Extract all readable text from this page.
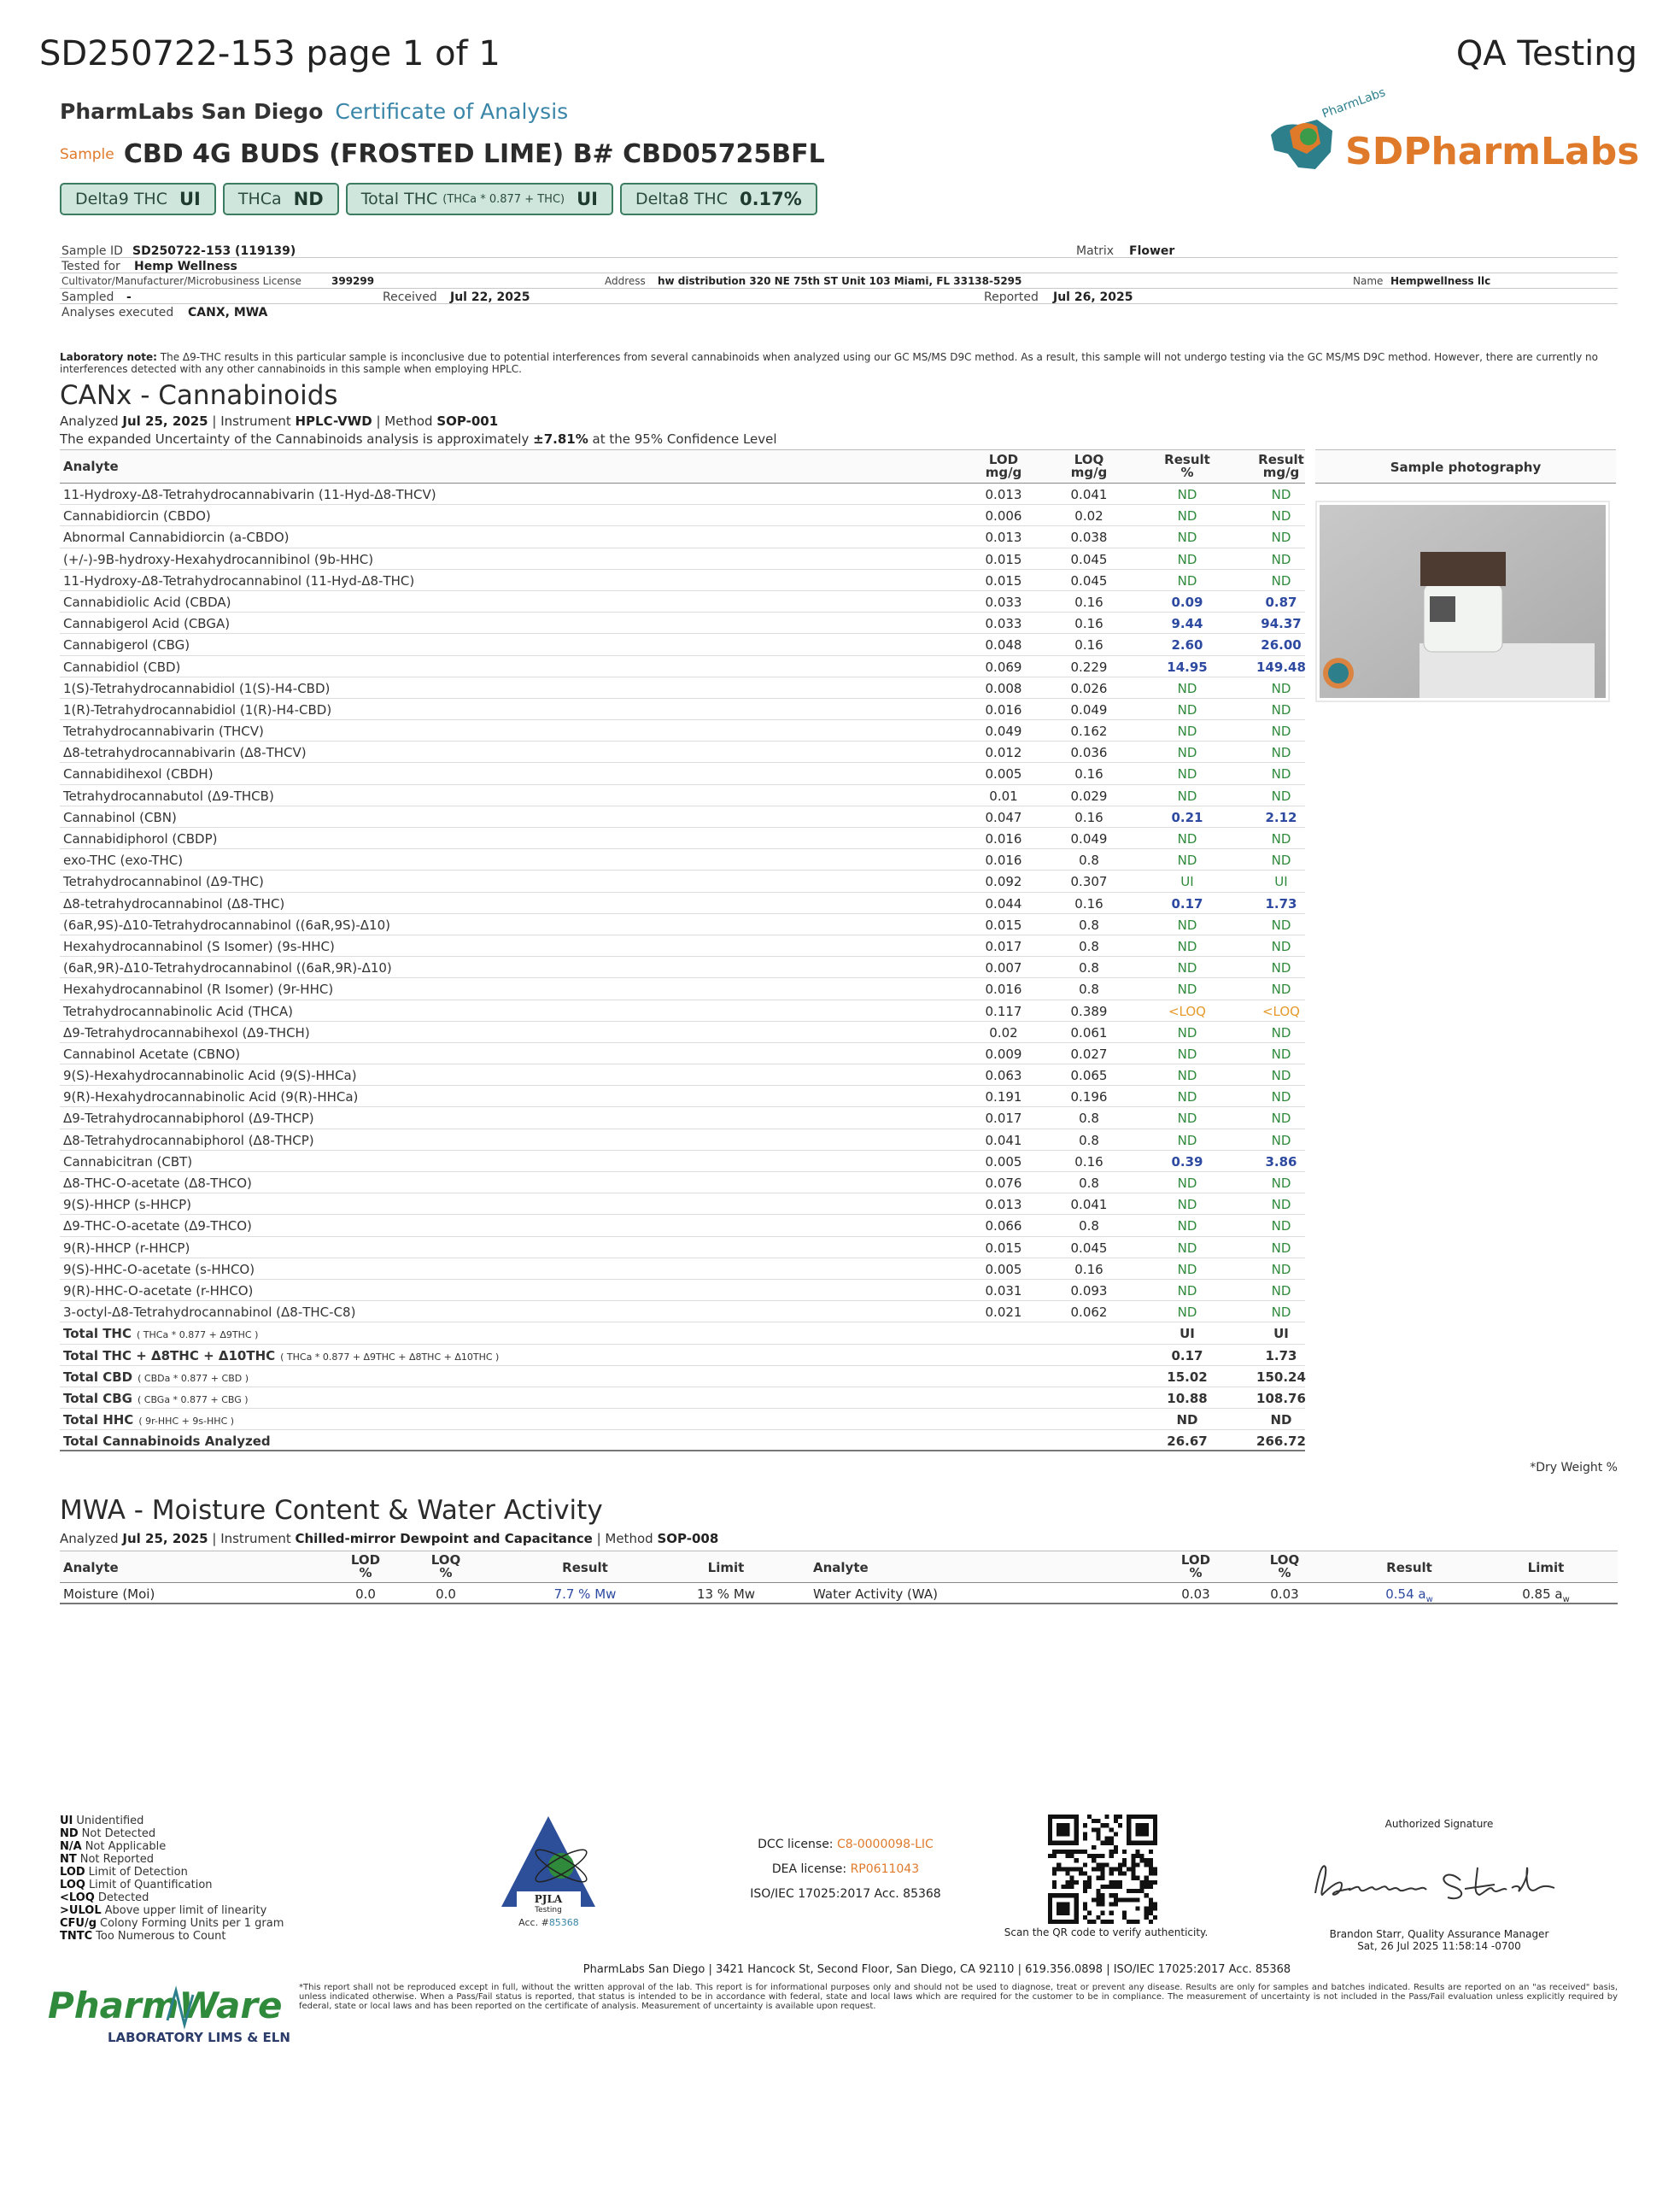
SD250722-153 page 1 of 1	QA Testing
PharmLabs San Diego Certificate of Analysis
Sample CBD 4G BUDS (FROSTED LIME) B# CBD05725BFL
Delta9 THC UI THCa ND Total THC (THCa * 0.877 + THC) UI Delta8 THC 0.17%
PharmLabs
SDPharmLabs
Sample ID SD250722-153 (119139)	Matrix Flower
Tested for Hemp Wellness
Cultivator/Manufacturer/Microbusiness License	399299	Address hw distribution 320 NE 75th ST Unit 103 Miami, FL 33138-5295	Name Hempwellness llc
Sampled -	Received Jul 22, 2025	Reported Jul 26, 2025
Analyses executed CANX, MWA
Laboratory note: The Δ9-THC results in this particular sample is inconclusive due to potential interferences from several cannabinoids when analyzed using our GC MS/MS D9C method. As a result, this sample will not undergo testing via the GC MS/MS D9C method. However, there are currently no interferences detected with any other cannabinoids in this sample when employing HPLC.
CANx - Cannabinoids
Analyzed Jul 25, 2025 | Instrument HPLC-VWD | Method SOP-001
The expanded Uncertainty of the Cannabinoids analysis is approximately ±7.81% at the 95% Confidence Level
Analyte	LOD
mg/g
LOQ
mg/g
Result
%
Result
mg/g
11-Hydroxy-Δ8-Tetrahydrocannabivarin (11-Hyd-Δ8-THCV)	0.013	0.041	ND	ND
Cannabidiorcin (CBDO)	0.006	0.02	ND	ND
Abnormal Cannabidiorcin (a-CBDO)	0.013	0.038	ND	ND
(+/-)-9B-hydroxy-Hexahydrocannibinol (9b-HHC)	0.015	0.045	ND	ND
11-Hydroxy-Δ8-Tetrahydrocannabinol (11-Hyd-Δ8-THC)	0.015	0.045	ND	ND
Cannabidiolic Acid (CBDA)	0.033	0.16	0.09	0.87
Cannabigerol Acid (CBGA)	0.033	0.16	9.44	94.37
Cannabigerol (CBG)	0.048	0.16	2.60	26.00
Cannabidiol (CBD)	0.069	0.229	14.95	149.48
1(S)-Tetrahydrocannabidiol (1(S)-H4-CBD)	0.008	0.026	ND	ND
1(R)-Tetrahydrocannabidiol (1(R)-H4-CBD)	0.016	0.049	ND	ND
Tetrahydrocannabivarin (THCV)	0.049	0.162	ND	ND
Δ8-tetrahydrocannabivarin (Δ8-THCV)	0.012	0.036	ND	ND
Cannabidihexol (CBDH)	0.005	0.16	ND	ND
Tetrahydrocannabutol (Δ9-THCB)	0.01	0.029	ND	ND
Cannabinol (CBN)	0.047	0.16	0.21	2.12
Cannabidiphorol (CBDP)	0.016	0.049	ND	ND
exo-THC (exo-THC)	0.016	0.8	ND	ND
Tetrahydrocannabinol (Δ9-THC)	0.092	0.307	UI	UI
Δ8-tetrahydrocannabinol (Δ8-THC)	0.044	0.16	0.17	1.73
(6aR,9S)-Δ10-Tetrahydrocannabinol ((6aR,9S)-Δ10)	0.015	0.8	ND	ND
Hexahydrocannabinol (S Isomer) (9s-HHC)	0.017	0.8	ND	ND
(6aR,9R)-Δ10-Tetrahydrocannabinol ((6aR,9R)-Δ10)	0.007	0.8	ND	ND
Hexahydrocannabinol (R Isomer) (9r-HHC)	0.016	0.8	ND	ND
Tetrahydrocannabinolic Acid (THCA)	0.117	0.389	<LOQ	<LOQ
Δ9-Tetrahydrocannabihexol (Δ9-THCH)	0.02	0.061	ND	ND
Cannabinol Acetate (CBNO)	0.009	0.027	ND	ND
9(S)-Hexahydrocannabinolic Acid (9(S)-HHCa)	0.063	0.065	ND	ND
9(R)-Hexahydrocannabinolic Acid (9(R)-HHCa)	0.191	0.196	ND	ND
Δ9-Tetrahydrocannabiphorol (Δ9-THCP)	0.017	0.8	ND	ND
Δ8-Tetrahydrocannabiphorol (Δ8-THCP)	0.041	0.8	ND	ND
Cannabicitran (CBT)	0.005	0.16	0.39	3.86
Δ8-THC-O-acetate (Δ8-THCO)	0.076	0.8	ND	ND
9(S)-HHCP (s-HHCP)	0.013	0.041	ND	ND
Δ9-THC-O-acetate (Δ9-THCO)	0.066	0.8	ND	ND
9(R)-HHCP (r-HHCP)	0.015	0.045	ND	ND
9(S)-HHC-O-acetate (s-HHCO)	0.005	0.16	ND	ND
9(R)-HHC-O-acetate (r-HHCO)	0.031	0.093	ND	ND
3-octyl-Δ8-Tetrahydrocannabinol (Δ8-THC-C8)	0.021	0.062	ND	ND
Total THC ( THCa * 0.877 + Δ9THC )	UI	UI
Total THC + Δ8THC + Δ10THC ( THCa * 0.877 + Δ9THC + Δ8THC + Δ10THC )	0.17	1.73
Total CBD ( CBDa * 0.877 + CBD )	15.02	150.24
Total CBG ( CBGa * 0.877 + CBG )	10.88	108.76
Total HHC ( 9r-HHC + 9s-HHC )	ND	ND
Total Cannabinoids Analyzed	26.67	266.72
Sample photography
*Dry Weight %
MWA - Moisture Content & Water Activity
Analyzed Jul 25, 2025 | Instrument Chilled-mirror Dewpoint and Capacitance | Method SOP-008
Analyte	LOD
%
LOQ
%	Result	Limit	Analyte	LOD
%
LOQ
%	Result	Limit
Moisture (Moi)	0.0	0.0	7.7 % Mw	13 % Mw	Water Activity (WA)	0.03	0.03	0.54 $a_w$	0.85 $a_w$
UI Unidentified
ND Not Detected
N/A Not Applicable
NT Not Reported
LOD Limit of Detection
LOQ Limit of Quantification
<LOQ Detected
>ULOL Above upper limit of linearity
CFU/g Colony Forming Units per 1 gram
TNTC Too Numerous to Count
PJLA
Testing
Acc. #85368
DCC license: C8-0000098-LIC
DEA license: RP0611043
ISO/IEC 17025:2017 Acc. 85368
Scan the QR code to verify authenticity.
Authorized Signature
Brandon Starr, Quality Assurance Manager
Sat, 26 Jul 2025 11:58:14 -0700
PharmLabs San Diego | 3421 Hancock St, Second Floor, San Diego, CA 92110 | 619.356.0898 | ISO/IEC 17025:2017 Acc. 85368
*This report shall not be reproduced except in full, without the written approval of the lab. This report is for informational purposes only and should not be used to diagnose, treat or prevent any disease. Results are only for samples and batches indicated. Results are reported on an "as received" basis, unless indicated otherwise. When a Pass/Fail status is reported, that status is intended to be in accordance with federal, state and local laws which are required for the customer to be in compliance. The measurement of uncertainty is not included in the Pass/Fail evaluation unless explicitly required by federal, state or local laws and has been reported on the certificate of analysis. Measurement of uncertainty is available upon request.
PharmWare
LABORATORY LIMS & ELN
